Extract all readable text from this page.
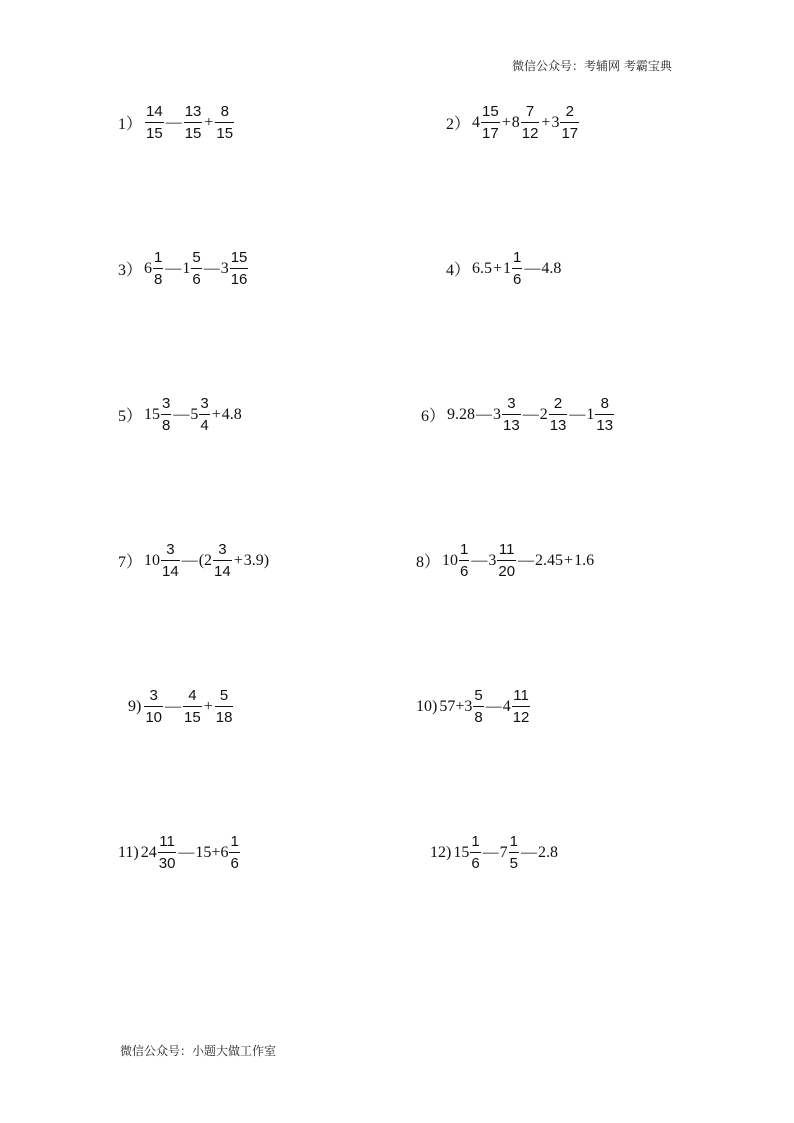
微信公众号：考辅网 考霸宝典
$1) \frac{14}{15}$ — $\frac{13}{15} + \frac{8}{15}$	2） $4 \frac{15}{17} + 8 \frac{7}{12} + 3 \frac{2}{17}$
3） $6 \frac{1}{8}$ — $1 \frac{5}{6}$ — $3 \frac{15}{16}$	4） $6.5 + 1 \frac{1}{6}$ — 4.8
5） $15 \frac{3}{8}$ — $5 \frac{3}{4} + 4.8$	6） 9.28 — $3 \frac{3}{13}$ — $2 \frac{2}{13}$ — $1 \frac{8}{13}$
7） $10 \frac{3}{14}$ — $(2 \frac{3}{14} + 3.9)$	8） $10 \frac{1}{6}$ — $3 \frac{11}{20}$ — 2.45 + 1.6
$9) \frac{3}{10}$ — $\frac{4}{15} + \frac{5}{18}$	10) $57+3 \frac{5}{8}$ — $4 \frac{11}{12}$
11) $24 \frac{11}{30}$ — $15+6 \frac{1}{6}$	12) $15 \frac{1}{6}$ — $7 \frac{1}{5}$ — 2.8
微信公众号：小题大做工作室
